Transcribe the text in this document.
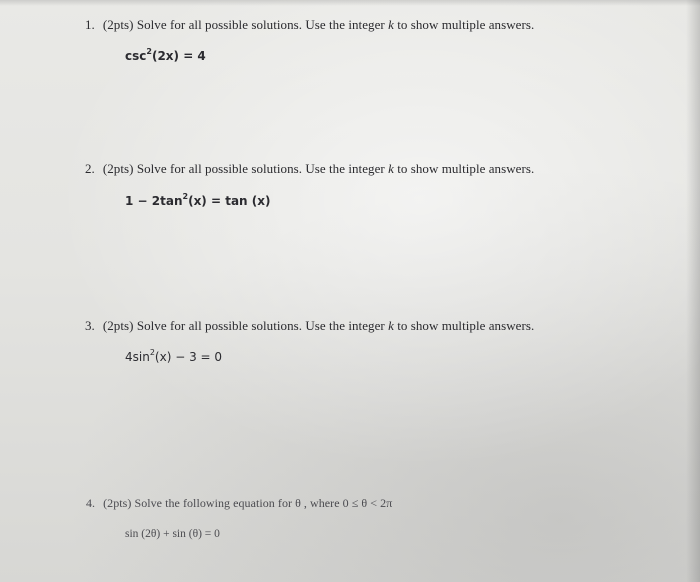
1. (2pts) Solve for all possible solutions. Use the integer k to show multiple answers.
$\csc^2(2x) = 4$
2. (2pts) Solve for all possible solutions. Use the integer k to show multiple answers.
$1 - 2\tan^2(x) = \tan (x)$
3. (2pts) Solve for all possible solutions. Use the integer k to show multiple answers.
$4\sin^2(x) - 3 = 0$
4. (2pts) Solve the following equation for θ , where 0 ≤ θ < 2π
sin (2θ) + sin (θ) = 0
